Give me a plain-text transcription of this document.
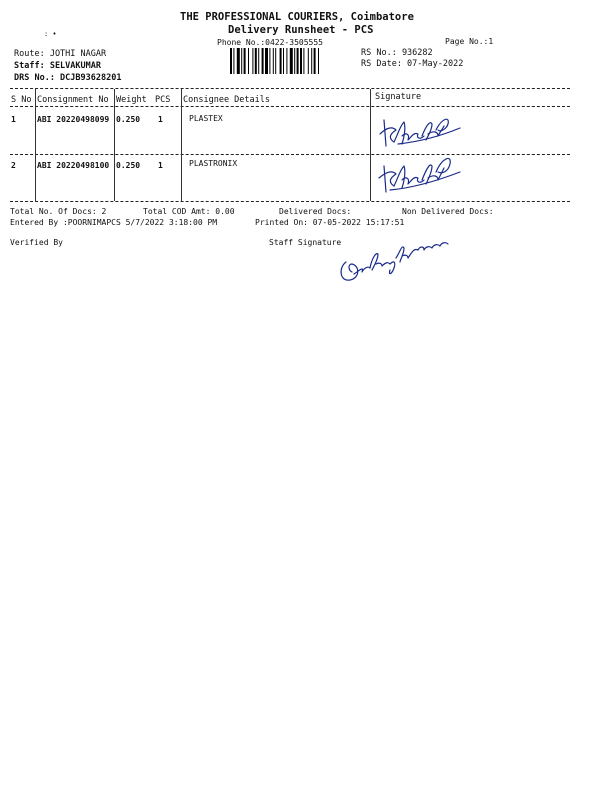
THE PROFESSIONAL COURIERS, Coimbatore
Delivery Runsheet - PCS
Phone No.:0422-3505555	Page No.:1
: •
Route: JOTHI NAGAR
Staff: SELVAKUMAR
DRS No.: DCJB93628201
RS No.: 936282
RS Date: 07-May-2022
S No Consignment No Weight PCS Consignee Details	Signature
1	ABI 20220498099 0.250 1	PLASTEX
2	ABI 20220498100 0.250 1	PLASTRONIX
Total No. Of Docs: 2	Total COD Amt: 0.00	Delivered Docs:	Non Delivered Docs:
Entered By :POORNIMAPCS 5/7/2022 3:18:00 PM	Printed On: 07-05-2022 15:17:51
Verified By	Staff Signature
